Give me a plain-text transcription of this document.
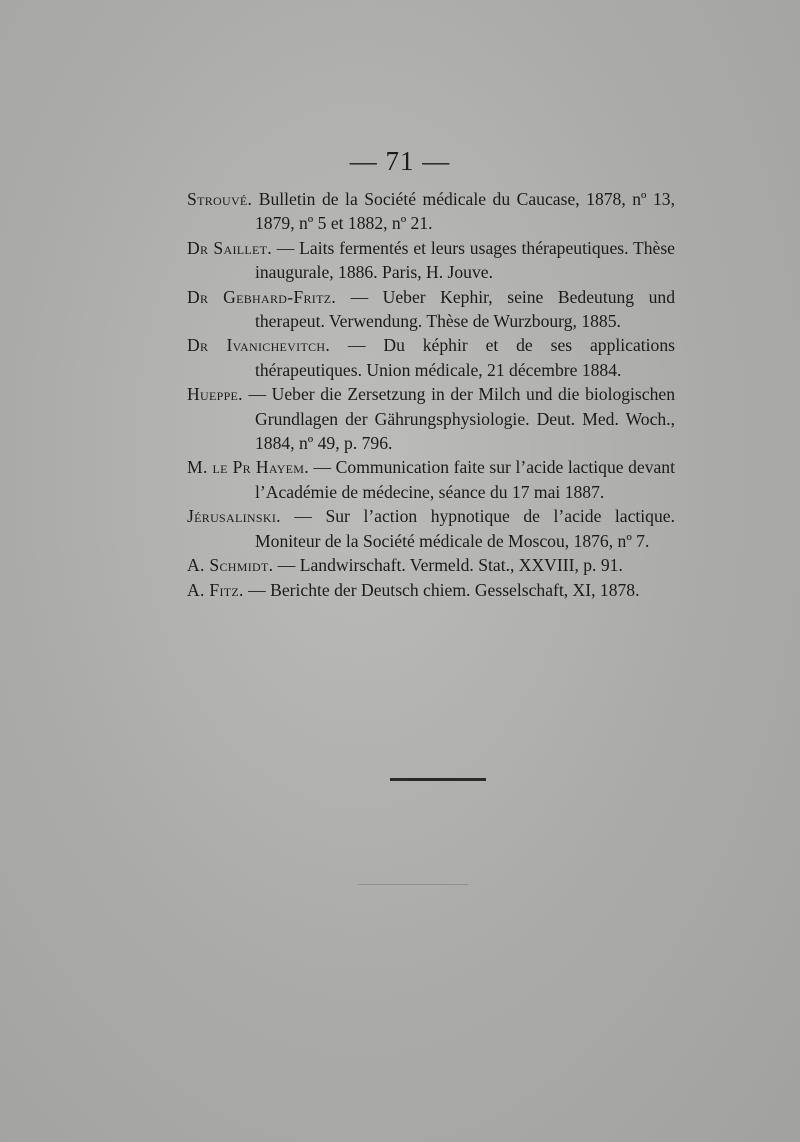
— 71 —

Strouvé. Bulletin de la Société médicale du Caucase, 1878, nº 13, 1879, nº 5 et 1882, nº 21.

Dr Saillet. — Laits fermentés et leurs usages thérapeutiques. Thèse inaugurale, 1886. Paris, H. Jouve.

Dr Gebhard-Fritz. — Ueber Kephir, seine Bedeutung und therapeut. Verwendung. Thèse de Wurzbourg, 1885.

Dr Ivanichevitch. — Du képhir et de ses applications thérapeutiques. Union médicale, 21 décembre 1884.

Hueppe. — Ueber die Zersetzung in der Milch und die biologischen Grundlagen der Gährungsphysiologie. Deut. Med. Woch., 1884, nº 49, p. 796.

M. le Pr Hayem. — Communication faite sur l’acide lactique devant l’Académie de médecine, séance du 17 mai 1887.

Jérusalinski. — Sur l’action hypnotique de l’acide lactique. Moniteur de la Société médicale de Moscou, 1876, nº 7.

A. Schmidt. — Landwirschaft. Vermeld. Stat., XXVIII, p. 91.

A. Fitz. — Berichte der Deutsch chiem. Gesselschaft, XI, 1878.
